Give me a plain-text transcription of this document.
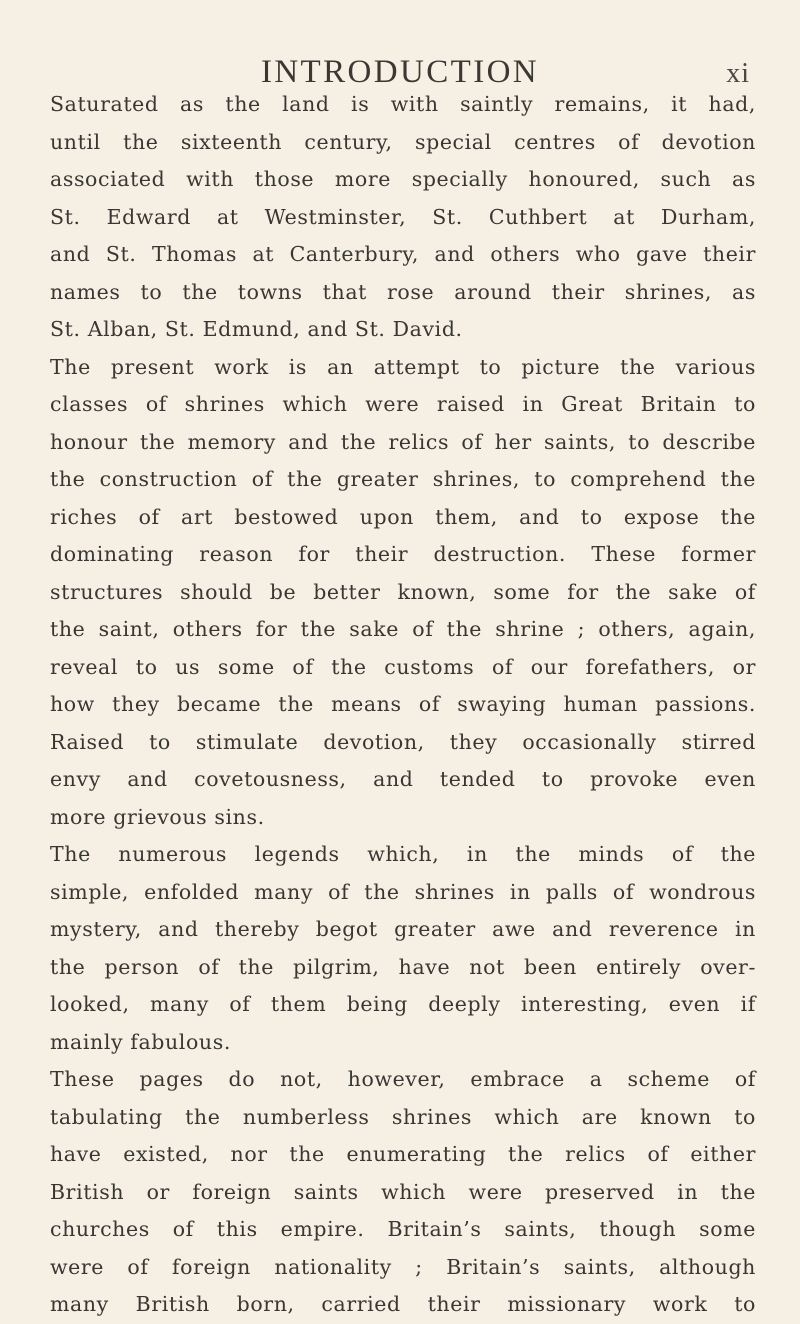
INTRODUCTION	xi
Saturated as the land is with saintly remains, it had,
until the sixteenth century, special centres of devotion
associated with those more specially honoured, such as
St. Edward at Westminster, St. Cuthbert at Durham,
and St. Thomas at Canterbury, and others who gave their
names to the towns that rose around their shrines, as
St. Alban, St. Edmund, and St. David.
The present work is an attempt to picture the various
classes of shrines which were raised in Great Britain to
honour the memory and the relics of her saints, to describe
the construction of the greater shrines, to comprehend the
riches of art bestowed upon them, and to expose the
dominating reason for their destruction. These former
structures should be better known, some for the sake of
the saint, others for the sake of the shrine ; others, again,
reveal to us some of the customs of our forefathers, or
how they became the means of swaying human passions.
Raised to stimulate devotion, they occasionally stirred
envy and covetousness, and tended to provoke even
more grievous sins.
The numerous legends which, in the minds of the
simple, enfolded many of the shrines in palls of wondrous
mystery, and thereby begot greater awe and reverence in
the person of the pilgrim, have not been entirely over-
looked, many of them being deeply interesting, even if
mainly fabulous.
These pages do not, however, embrace a scheme of
tabulating the numberless shrines which are known to
have existed, nor the enumerating the relics of either
British or foreign saints which were preserved in the
churches of this empire. Britain’s saints, though some
were of foreign nationality ; Britain’s saints, although
many British born, carried their missionary work to
